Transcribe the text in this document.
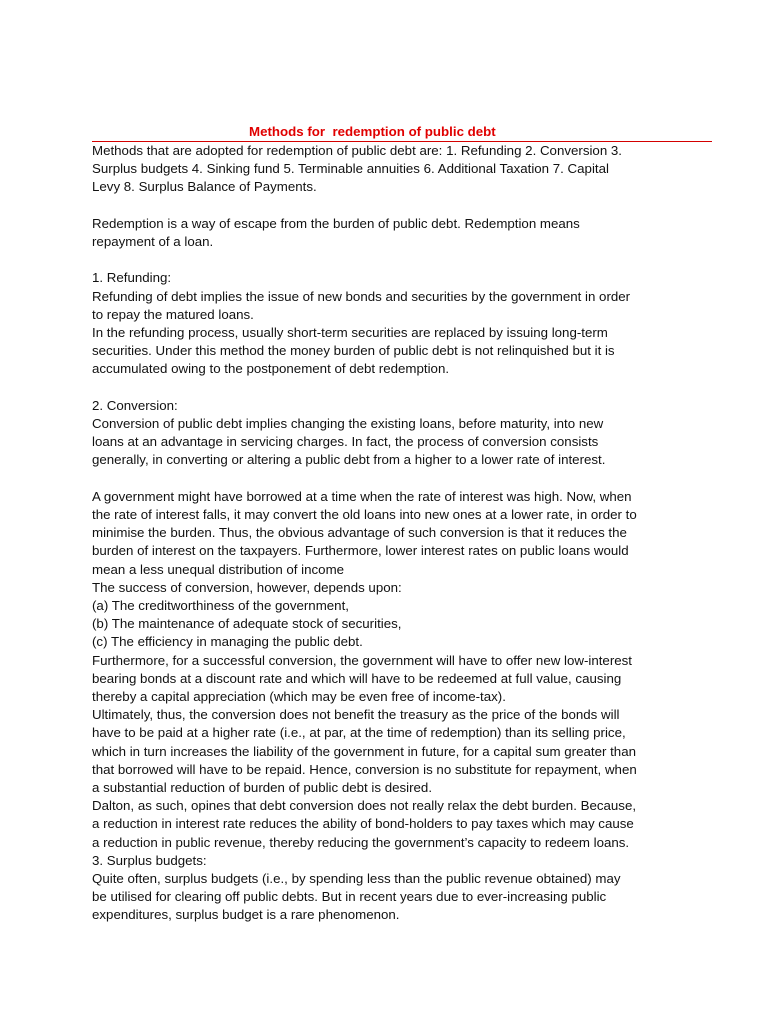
Methods for  redemption of public debt
Methods that are adopted for redemption of public debt are: 1. Refunding 2. Conversion 3.
Surplus budgets 4. Sinking fund 5. Terminable annuities 6. Additional Taxation 7. Capital
Levy 8. Surplus Balance of Payments.
Redemption is a way of escape from the burden of public debt. Redemption means
repayment of a loan.
1. Refunding:
Refunding of debt implies the issue of new bonds and securities by the government in order
to repay the matured loans.
In the refunding process, usually short-term securities are replaced by issuing long-term
securities. Under this method the money burden of public debt is not relinquished but it is
accumulated owing to the postponement of debt redemption.
2. Conversion:
Conversion of public debt implies changing the existing loans, before maturity, into new
loans at an advantage in servicing charges. In fact, the process of conversion consists
generally, in converting or altering a public debt from a higher to a lower rate of interest.
A government might have borrowed at a time when the rate of interest was high. Now, when
the rate of interest falls, it may convert the old loans into new ones at a lower rate, in order to
minimise the burden. Thus, the obvious advantage of such conversion is that it reduces the
burden of interest on the taxpayers. Furthermore, lower interest rates on public loans would
mean a less unequal distribution of income
The success of conversion, however, depends upon:
(a) The creditworthiness of the government,
(b) The maintenance of adequate stock of securities,
(c) The efficiency in managing the public debt.
Furthermore, for a successful conversion, the government will have to offer new low-interest
bearing bonds at a discount rate and which will have to be redeemed at full value, causing
thereby a capital appreciation (which may be even free of income-tax).
Ultimately, thus, the conversion does not benefit the treasury as the price of the bonds will
have to be paid at a higher rate (i.e., at par, at the time of redemption) than its selling price,
which in turn increases the liability of the government in future, for a capital sum greater than
that borrowed will have to be repaid. Hence, conversion is no substitute for repayment, when
a substantial reduction of burden of public debt is desired.
Dalton, as such, opines that debt conversion does not really relax the debt burden. Because,
a reduction in interest rate reduces the ability of bond-holders to pay taxes which may cause
a reduction in public revenue, thereby reducing the government’s capacity to redeem loans.
3. Surplus budgets:
Quite often, surplus budgets (i.e., by spending less than the public revenue obtained) may
be utilised for clearing off public debts. But in recent years due to ever-increasing public
expenditures, surplus budget is a rare phenomenon.
